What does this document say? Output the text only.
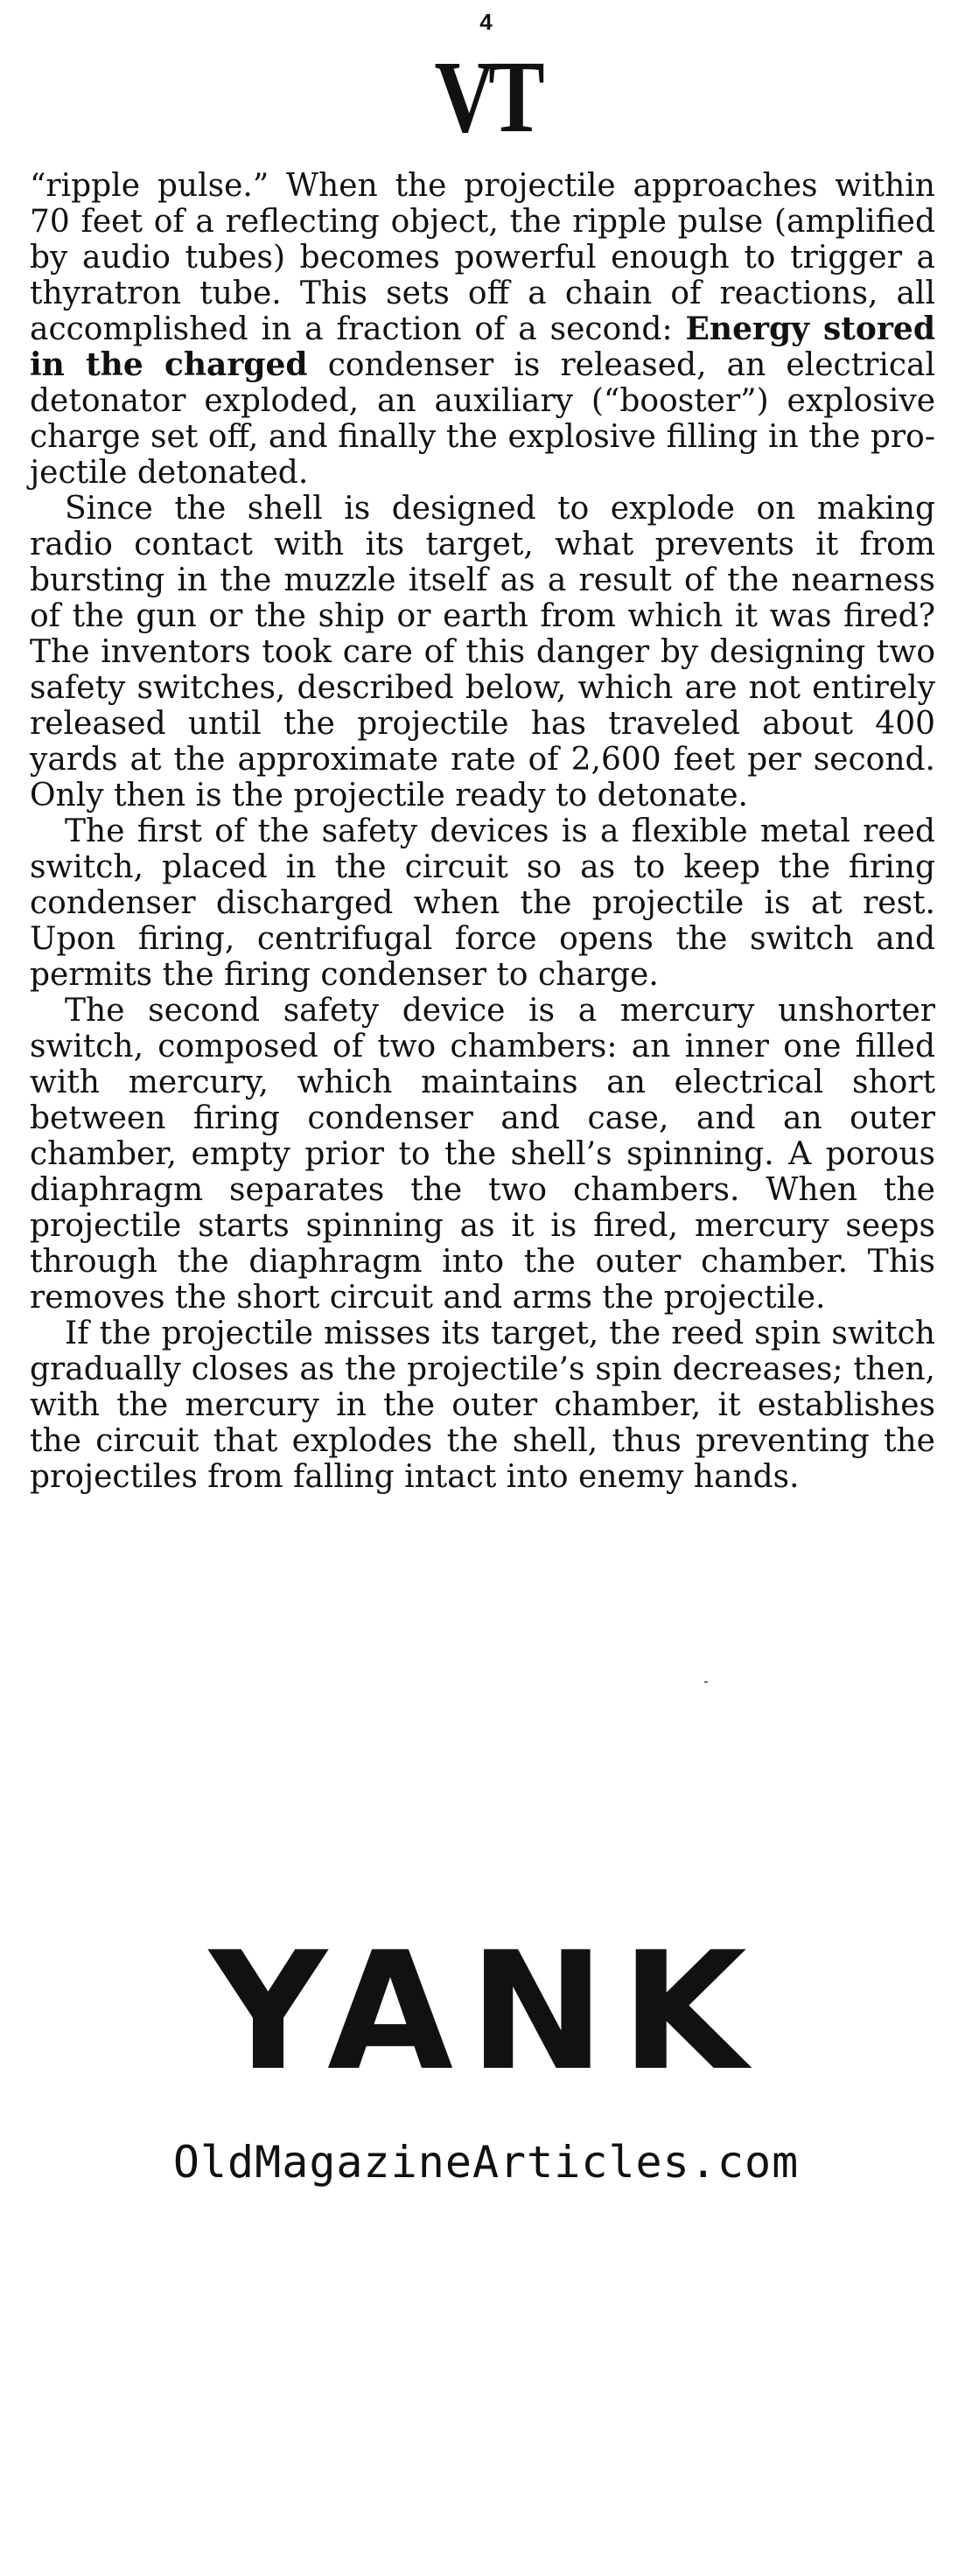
4
VT

“ripple pulse.” When the projectile approaches within 70 feet of a reflecting object, the ripple pulse (amplified by audio tubes) becomes powerful enough to trigger a thyratron tube. This sets off a chain of reactions, all accomplished in a fraction of a second: Energy stored in the charged condenser is released, an electrical detonator exploded, an auxiliary (“booster”) explosive charge set off, and finally the explosive filling in the projectile detonated.

Since the shell is designed to explode on making radio contact with its target, what prevents it from bursting in the muzzle itself as a result of the nearness of the gun or the ship or earth from which it was fired? The inventors took care of this danger by designing two safety switches, described below, which are not entirely released until the projectile has traveled about 400 yards at the approximate rate of 2,600 feet per second. Only then is the projectile ready to detonate.

The first of the safety devices is a flexible metal reed switch, placed in the circuit so as to keep the firing condenser discharged when the projectile is at rest. Upon firing, centrifugal force opens the switch and permits the firing condenser to charge.

The second safety device is a mercury unshorter switch, composed of two chambers: an inner one filled with mercury, which maintains an electrical short between firing condenser and case, and an outer chamber, empty prior to the shell’s spinning. A porous diaphragm separates the two chambers. When the projectile starts spinning as it is fired, mercury seeps through the diaphragm into the outer chamber. This removes the short circuit and arms the projectile.

If the projectile misses its target, the reed spin switch gradually closes as the projectile’s spin decreases; then, with the mercury in the outer chamber, it establishes the circuit that explodes the shell, thus preventing the projectiles from falling intact into enemy hands.

YANK
OldMagazineArticles.com
